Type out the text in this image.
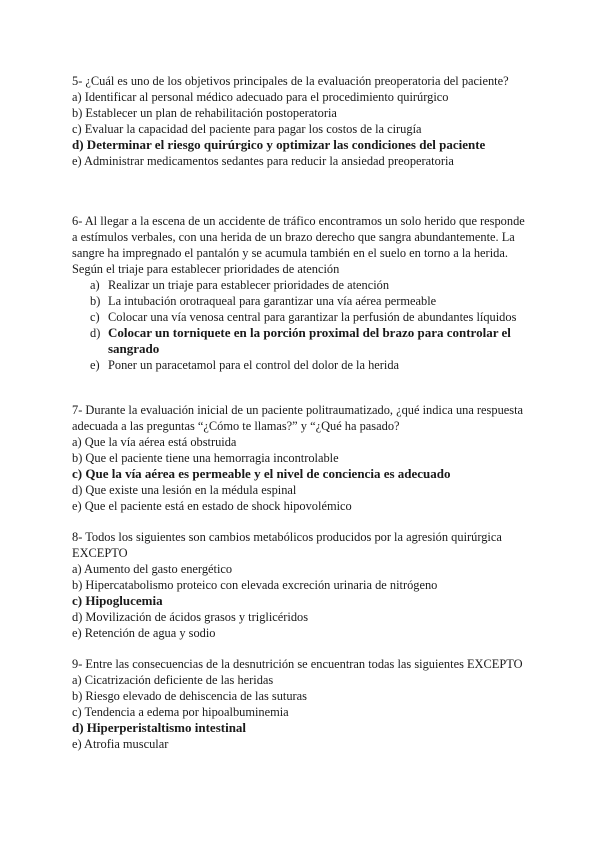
5- ¿Cuál es uno de los objetivos principales de la evaluación preoperatoria del paciente?
a) Identificar al personal médico adecuado para el procedimiento quirúrgico
b) Establecer un plan de rehabilitación postoperatoria
c) Evaluar la capacidad del paciente para pagar los costos de la cirugía
d) Determinar el riesgo quirúrgico y optimizar las condiciones del paciente
e) Administrar medicamentos sedantes para reducir la ansiedad preoperatoria
6- Al llegar a la escena de un accidente de tráfico encontramos un solo herido que responde a estímulos verbales, con una herida de un brazo derecho que sangra abundantemente. La sangre ha impregnado el pantalón y se acumula también en el suelo en torno a la herida. Según el triaje para establecer prioridades de atención
a) Realizar un triaje para establecer prioridades de atención
b) La intubación orotraqueal para garantizar una vía aérea permeable
c) Colocar una vía venosa central para garantizar la perfusión de abundantes líquidos
d) Colocar un torniquete en la porción proximal del brazo para controlar el sangrado
e) Poner un paracetamol para el control del dolor de la herida
7- Durante la evaluación inicial de un paciente politraumatizado, ¿qué indica una respuesta adecuada a las preguntas “¿Cómo te llamas?” y “¿Qué ha pasado?
a) Que la vía aérea está obstruida
b) Que el paciente tiene una hemorragia incontrolable
c) Que la vía aérea es permeable y el nivel de conciencia es adecuado
d) Que existe una lesión en la médula espinal
e) Que el paciente está en estado de shock hipovolémico
8- Todos los siguientes son cambios metabólicos producidos por la agresión quirúrgica EXCEPTO
a) Aumento del gasto energético
b) Hipercatabolismo proteico con elevada excreción urinaria de nitrógeno
c) Hipoglucemia
d) Movilización de ácidos grasos y triglicéridos
e) Retención de agua y sodio
9- Entre las consecuencias de la desnutrición se encuentran todas las siguientes EXCEPTO
a) Cicatrización deficiente de las heridas
b) Riesgo elevado de dehiscencia de las suturas
c) Tendencia a edema por hipoalbuminemia
d) Hiperperistaltismo intestinal
e) Atrofia muscular
